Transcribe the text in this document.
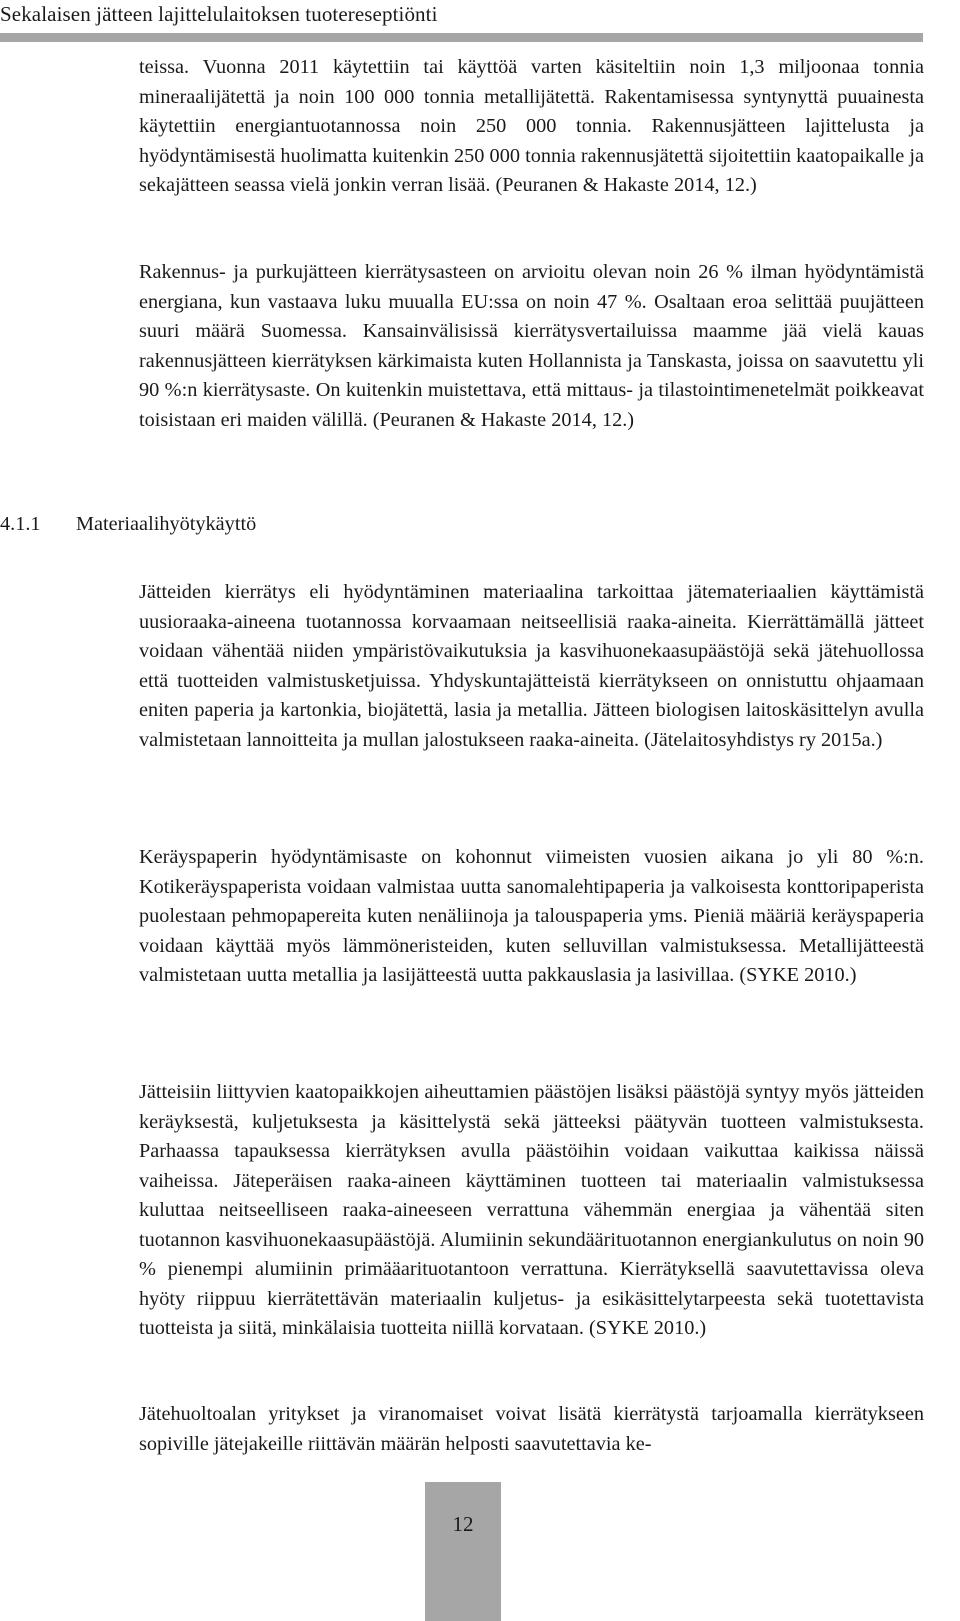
Sekalaisen jätteen lajittelulaitoksen tuotereseptiönti

teissa. Vuonna 2011 käytettiin tai käyttöä varten käsiteltiin noin 1,3 miljoonaa tonnia mineraalijätettä ja noin 100 000 tonnia metallijätettä. Rakentamisessa syntynyttä puuainesta käytettiin energiantuotannossa noin 250 000 tonnia. Rakennusjätteen lajittelusta ja hyödyntämisestä huolimatta kuitenkin 250 000 tonnia rakennusjätettä sijoitettiin kaatopaikalle ja sekajätteen seassa vielä jonkin verran lisää. (Peuranen & Hakaste 2014, 12.)

Rakennus- ja purkujätteen kierrätysasteen on arvioitu olevan noin 26 % ilman hyödyntämistä energiana, kun vastaava luku muualla EU:ssa on noin 47 %. Osaltaan eroa selittää puujätteen suuri määrä Suomessa. Kansainvälisissä kierrätysvertailuissa maamme jää vielä kauas rakennusjätteen kierrätyksen kärkimaista kuten Hollannista ja Tanskasta, joissa on saavutettu yli 90 %:n kierrätysaste. On kuitenkin muistettava, että mittaus- ja tilastointimenetelmät poikkeavat toisistaan eri maiden välillä. (Peuranen & Hakaste 2014, 12.)

4.1.1 Materiaalihyötykäyttö

Jätteiden kierrätys eli hyödyntäminen materiaalina tarkoittaa jätemateriaalien käyttämistä uusioraaka-aineena tuotannossa korvaamaan neitseellisiä raaka-aineita. Kierrättämällä jätteet voidaan vähentää niiden ympäristövaikutuksia ja kasvihuonekaasupäästöjä sekä jätehuollossa että tuotteiden valmistusketjuissa. Yhdyskuntajätteistä kierrätykseen on onnistuttu ohjaamaan eniten paperia ja kartonkia, biojätettä, lasia ja metallia. Jätteen biologisen laitoskäsittelyn avulla valmistetaan lannoitteita ja mullan jalostukseen raaka-aineita. (Jätelaitosyhdistys ry 2015a.)

Keräyspaperin hyödyntämisaste on kohonnut viimeisten vuosien aikana jo yli 80 %:n. Kotikeräyspaperista voidaan valmistaa uutta sanomalehtipaperia ja valkoisesta konttoripaperista puolestaan pehmopapereita kuten nenäliinoja ja talouspaperia yms. Pieniä määriä keräyspaperia voidaan käyttää myös lämmöneristeiden, kuten selluvillan valmistuksessa. Metallijätteestä valmistetaan uutta metallia ja lasijätteestä uutta pakkauslasia ja lasivillaa. (SYKE 2010.)

Jätteisiin liittyvien kaatopaikkojen aiheuttamien päästöjen lisäksi päästöjä syntyy myös jätteiden keräyksestä, kuljetuksesta ja käsittelystä sekä jätteeksi päätyvän tuotteen valmistuksesta. Parhaassa tapauksessa kierrätyksen avulla päästöihin voidaan vaikuttaa kaikissa näissä vaiheissa. Jäteperäisen raaka-aineen käyttäminen tuotteen tai materiaalin valmistuksessa kuluttaa neitseelliseen raaka-aineeseen verrattuna vähemmän energiaa ja vähentää siten tuotannon kasvihuonekaasupäästöjä. Alumiinin sekundäärituotannon energiankulutus on noin 90 % pienempi alumiinin primääarituotantoon verrattuna. Kierrätyksellä saavutettavissa oleva hyöty riippuu kierrätettävän materiaalin kuljetus- ja esikäsittelytarpeesta sekä tuotettavista tuotteista ja siitä, minkälaisia tuotteita niillä korvataan. (SYKE 2010.)

Jätehuoltoalan yritykset ja viranomaiset voivat lisätä kierrätystä tarjoamalla kierrätykseen sopiville jätejakeille riittävän määrän helposti saavutettavia ke-

12
